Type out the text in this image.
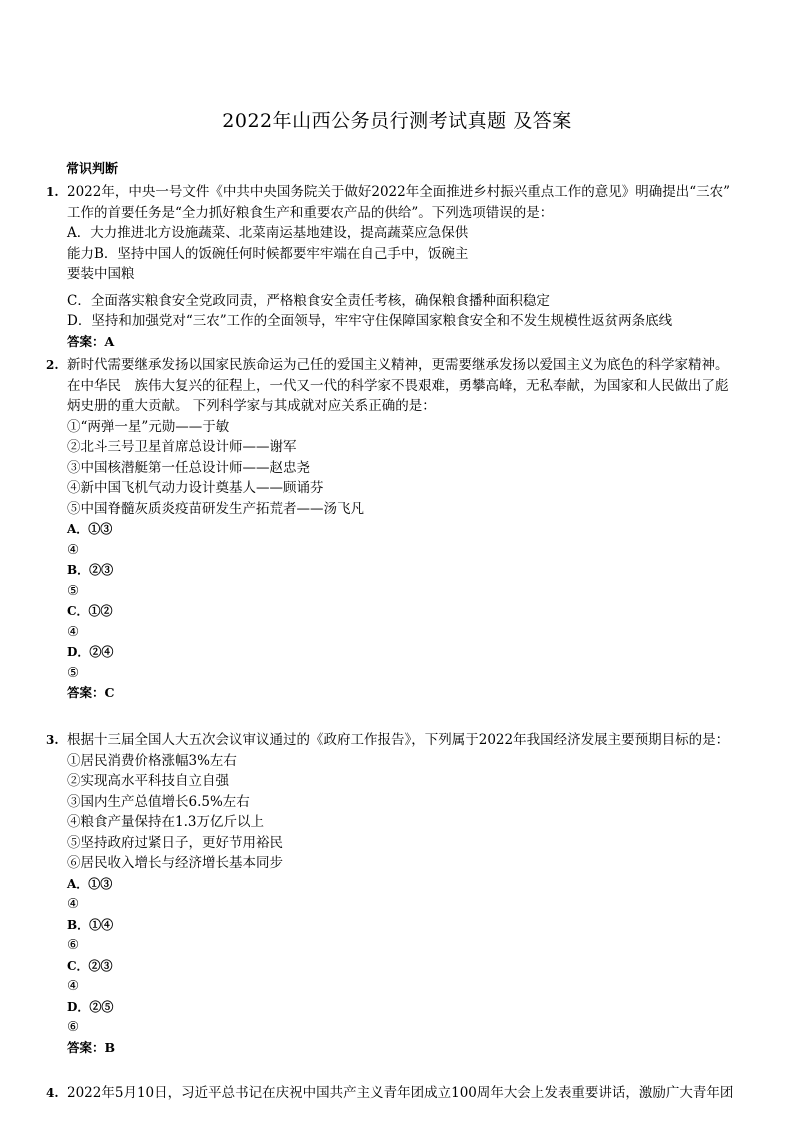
2022年山西公务员行测考试真题 及答案
常识判断
1. 2022年，中央一号文件《中共中央国务院关于做好2022年全面推进乡村振兴重点工作的意见》明确提出“三农”
工作的首要任务是“全力抓好粮食生产和重要农产品的供给”。下列选项错误的是：
A．大力推进北方设施蔬菜、北菜南运基地建设，提高蔬菜应急保供
能力B．坚持中国人的饭碗任何时候都要牢牢端在自己手中，饭碗主
要装中国粮
C．全面落实粮食安全党政同责，严格粮食安全责任考核，确保粮食播种面积稳定
D．坚持和加强党对“三农”工作的全面领导，牢牢守住保障国家粮食安全和不发生规模性返贫两条底线
答案：A
2. 新时代需要继承发扬以国家民族命运为己任的爱国主义精神，更需要继承发扬以爱国主义为底色的科学家精神。
在中华民　族伟大复兴的征程上，一代又一代的科学家不畏艰难，勇攀高峰，无私奉献，为国家和人民做出了彪
炳史册的重大贡献。 下列科学家与其成就对应关系正确的是：
①“两弹一星”元勋——于敏
②北斗三号卫星首席总设计师——谢军
③中国核潜艇第一任总设计师——赵忠尧
④新中国飞机气动力设计奠基人——顾诵芬
⑤中国脊髓灰质炎疫苗研发生产拓荒者——汤飞凡
A．①③
④
B．②③
⑤
C．①②
④
D．②④
⑤
答案：C
3. 根据十三届全国人大五次会议审议通过的《政府工作报告》，下列属于2022年我国经济发展主要预期目标的是：
①居民消费价格涨幅3%左右
②实现高水平科技自立自强
③国内生产总值增长6.5%左右
④粮食产量保持在1.3万亿斤以上
⑤坚持政府过紧日子，更好节用裕民
⑥居民收入增长与经济增长基本同步
A．①③
④
B．①④
⑥
C．②③
④
D．②⑤
⑥
答案：B
4. 2022年5月10日，习近平总书记在庆祝中国共产主义青年团成立100周年大会上发表重要讲话，激励广大青年团
